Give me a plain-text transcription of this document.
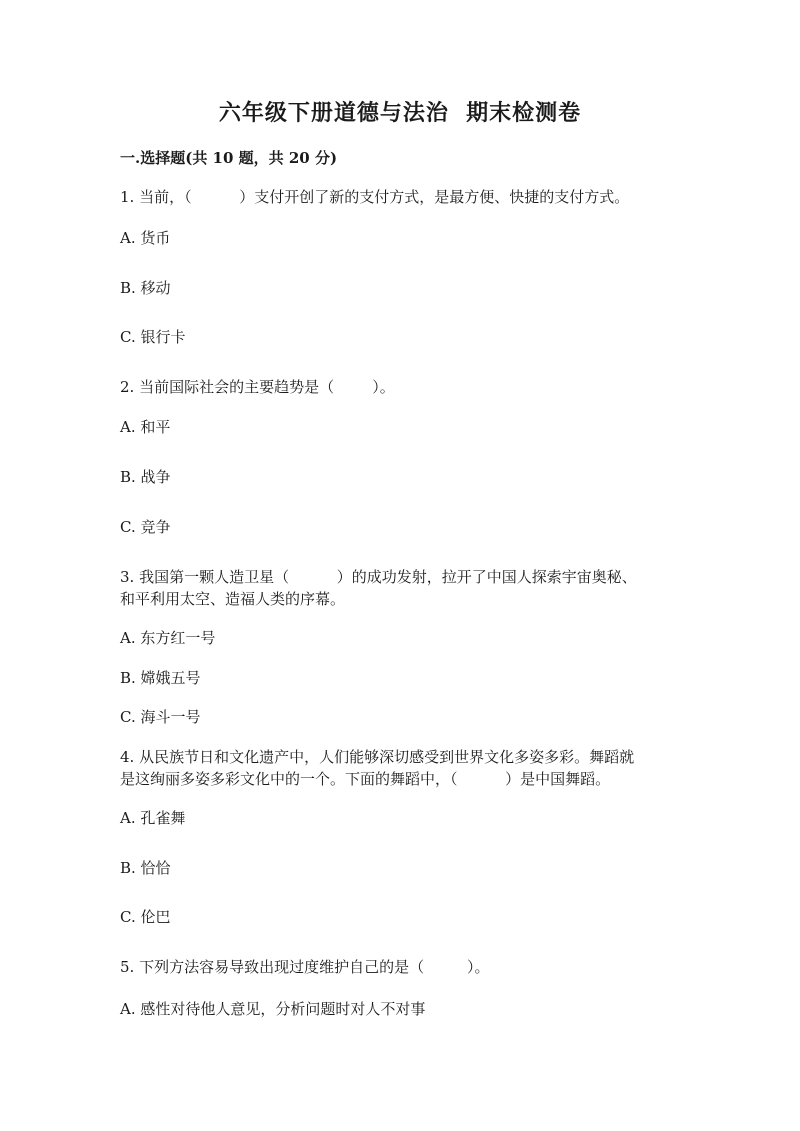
六年级下册道德与法治  期末检测卷
一.选择题(共 10 题，共 20 分)
1. 当前，（          ）支付开创了新的支付方式，是最方便、快捷的支付方式。
A. 货币
B. 移动
C. 银行卡
2. 当前国际社会的主要趋势是（        ）。
A. 和平
B. 战争
C. 竞争
3. 我国第一颗人造卫星（          ）的成功发射，拉开了中国人探索宇宙奥秘、
和平利用太空、造福人类的序幕。
A. 东方红一号
B. 嫦娥五号
C. 海斗一号
4. 从民族节日和文化遗产中，人们能够深切感受到世界文化多姿多彩。舞蹈就
是这绚丽多姿多彩文化中的一个。下面的舞蹈中，（          ）是中国舞蹈。
A. 孔雀舞
B. 恰恰
C. 伦巴
5. 下列方法容易导致出现过度维护自己的是（         ）。
A. 感性对待他人意见，分析问题时对人不对事
